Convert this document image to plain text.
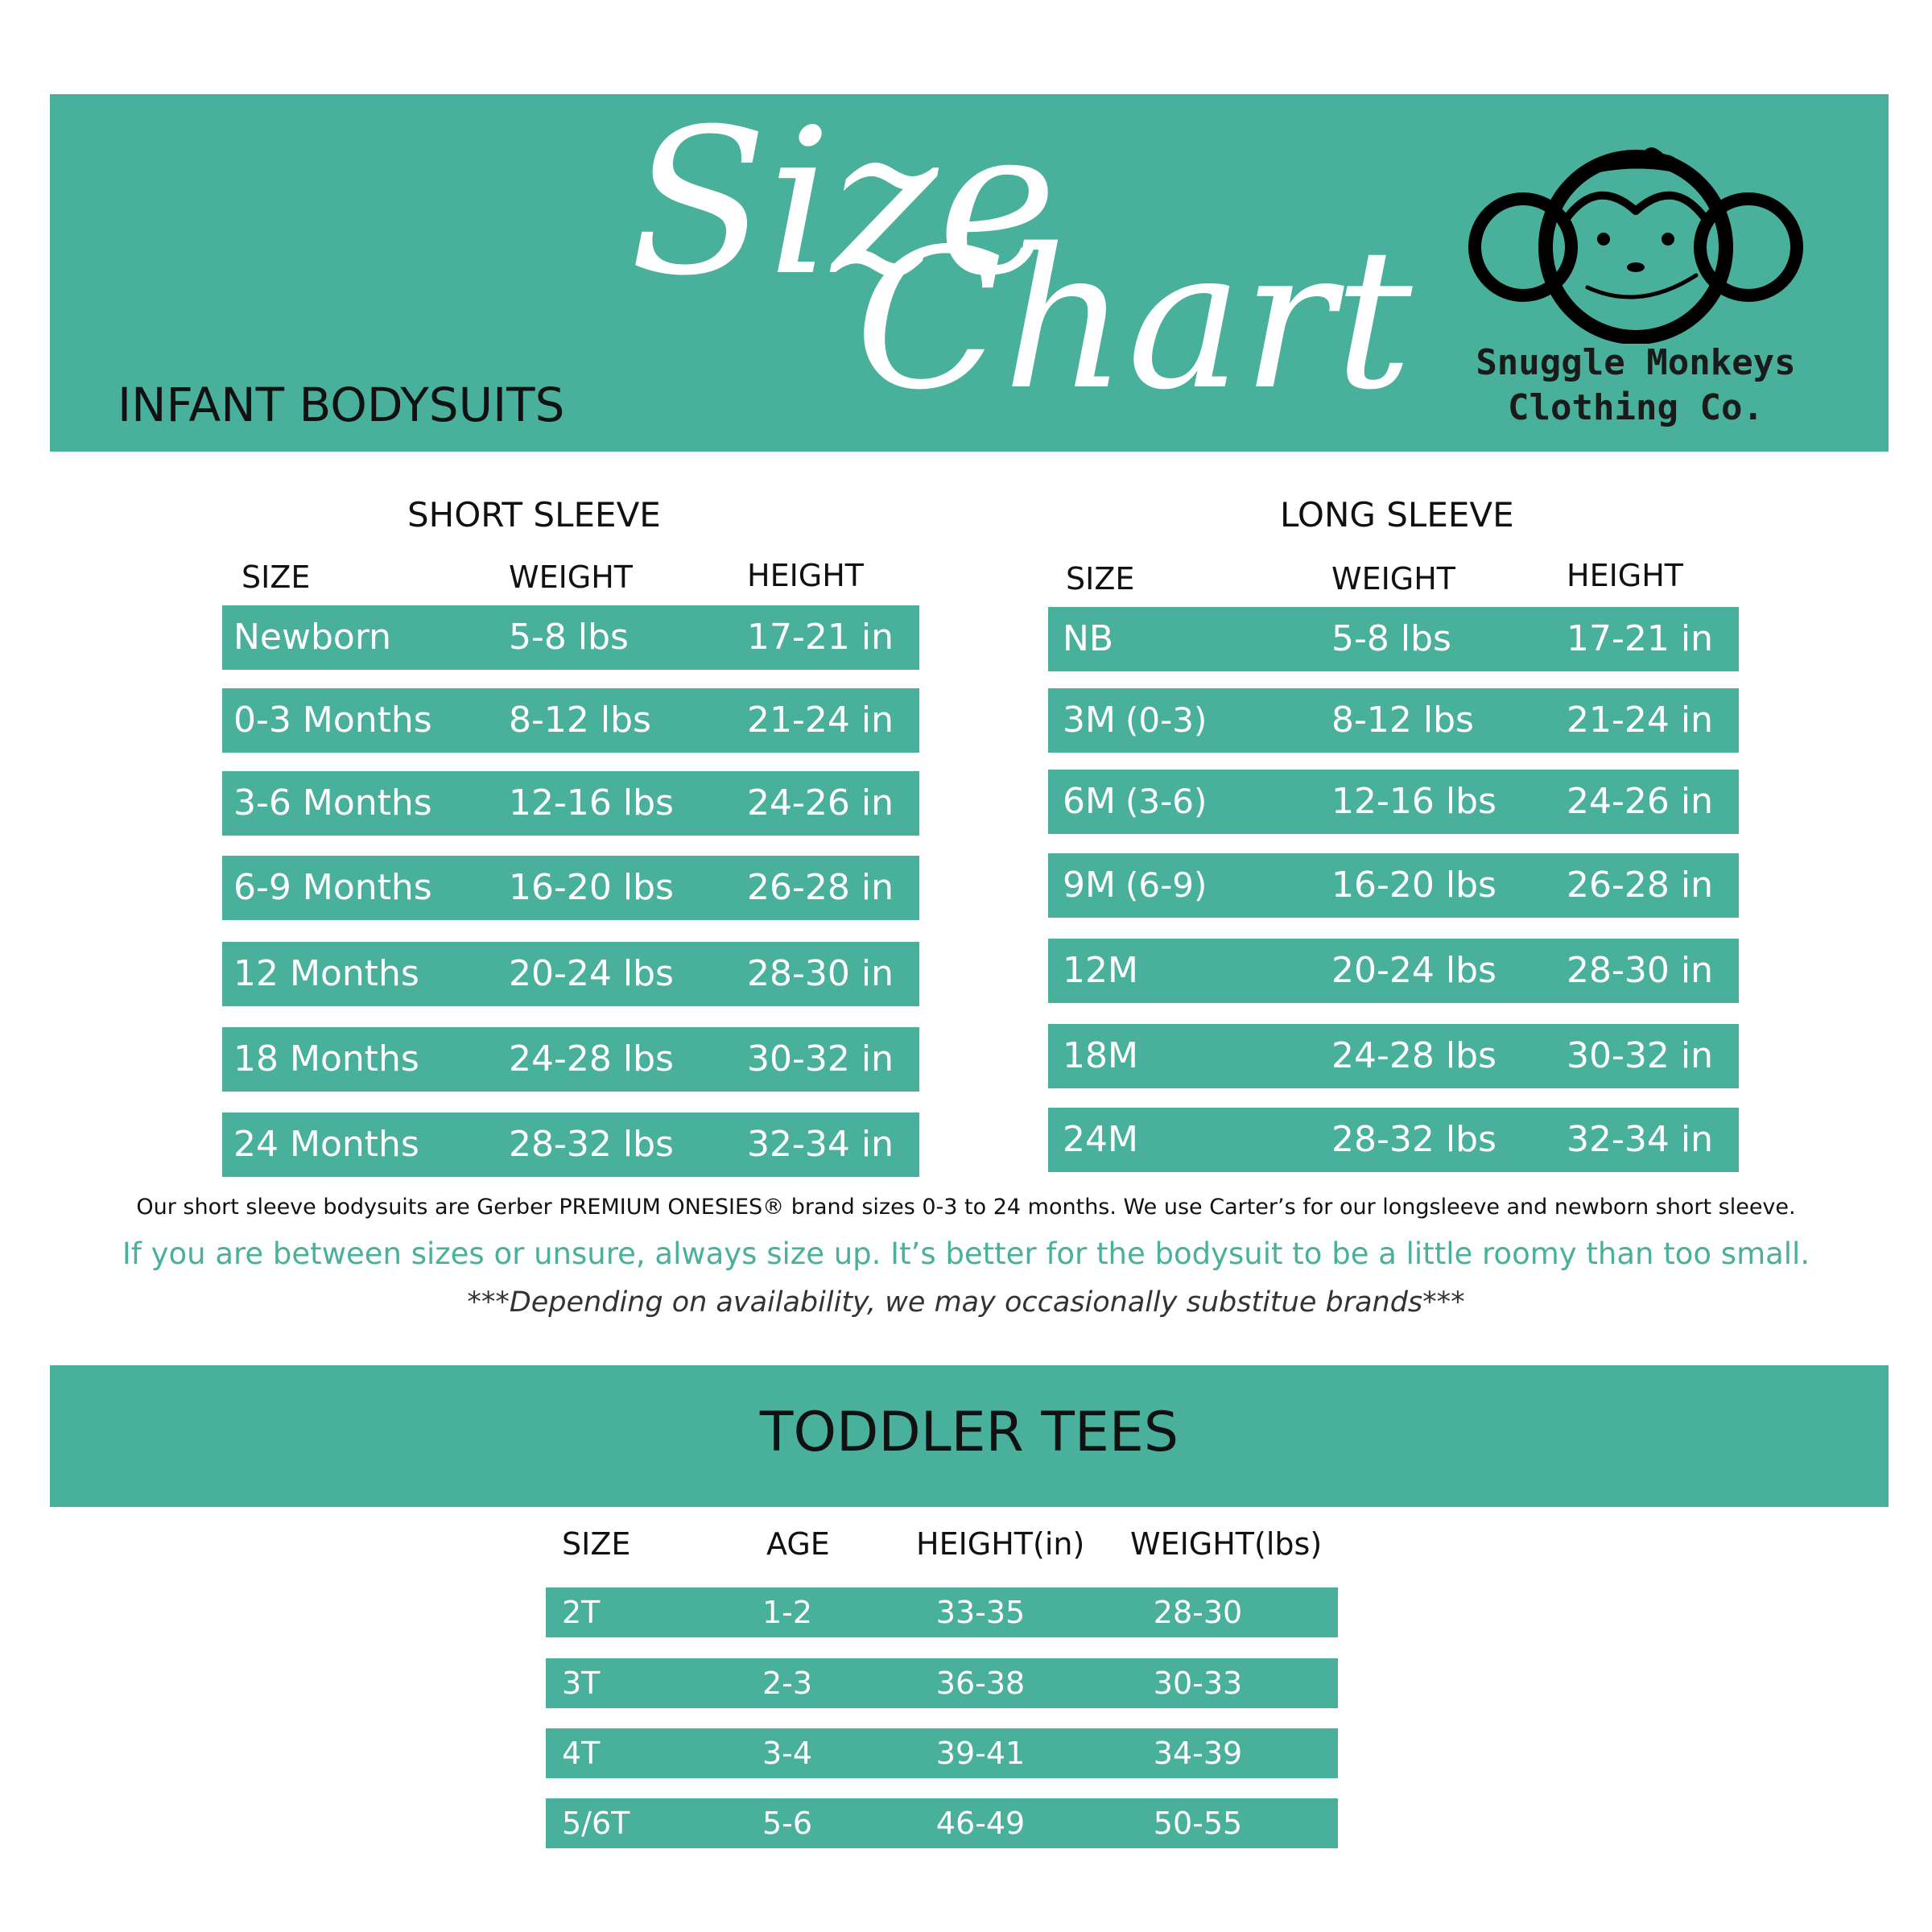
Size
Chart
INFANT BODYSUITS
Snuggle Monkeys
Clothing Co.
SHORT SLEEVE
SIZE	WEIGHT	HEIGHT
Newborn	5-8 lbs	17-21 in
0-3 Months 8-12 lbs	21-24 in
3-6 Months 12-16 lbs 24-26 in
6-9 Months 16-20 lbs 26-28 in
12 Months	20-24 lbs 28-30 in
18 Months	24-28 lbs 30-32 in
24 Months	28-32 lbs 32-34 in
LONG SLEEVE
SIZE	WEIGHT	HEIGHT
NB	5-8 lbs	17-21 in
3M (0-3)	8-12 lbs	21-24 in
6M (3-6)	12-16 lbs 24-26 in
9M (6-9)	16-20 lbs 26-28 in
12M	20-24 lbs 28-30 in
18M	24-28 lbs 30-32 in
24M	28-32 lbs 32-34 in
Our short sleeve bodysuits are Gerber PREMIUM ONESIES® brand sizes 0-3 to 24 months. We use Carter’s for our longsleeve and newborn short sleeve.
If you are between sizes or unsure, always size up. It’s better for the bodysuit to be a little roomy than too small.
***Depending on availability, we may occasionally substitue brands***
TODDLER TEES
SIZE	AGE	HEIGHT(in) WEIGHT(lbs)
2T	1-2	33-35	28-30
3T	2-3	36-38	30-33
4T	3-4	39-41	34-39
5/6T	5-6	46-49	50-55
